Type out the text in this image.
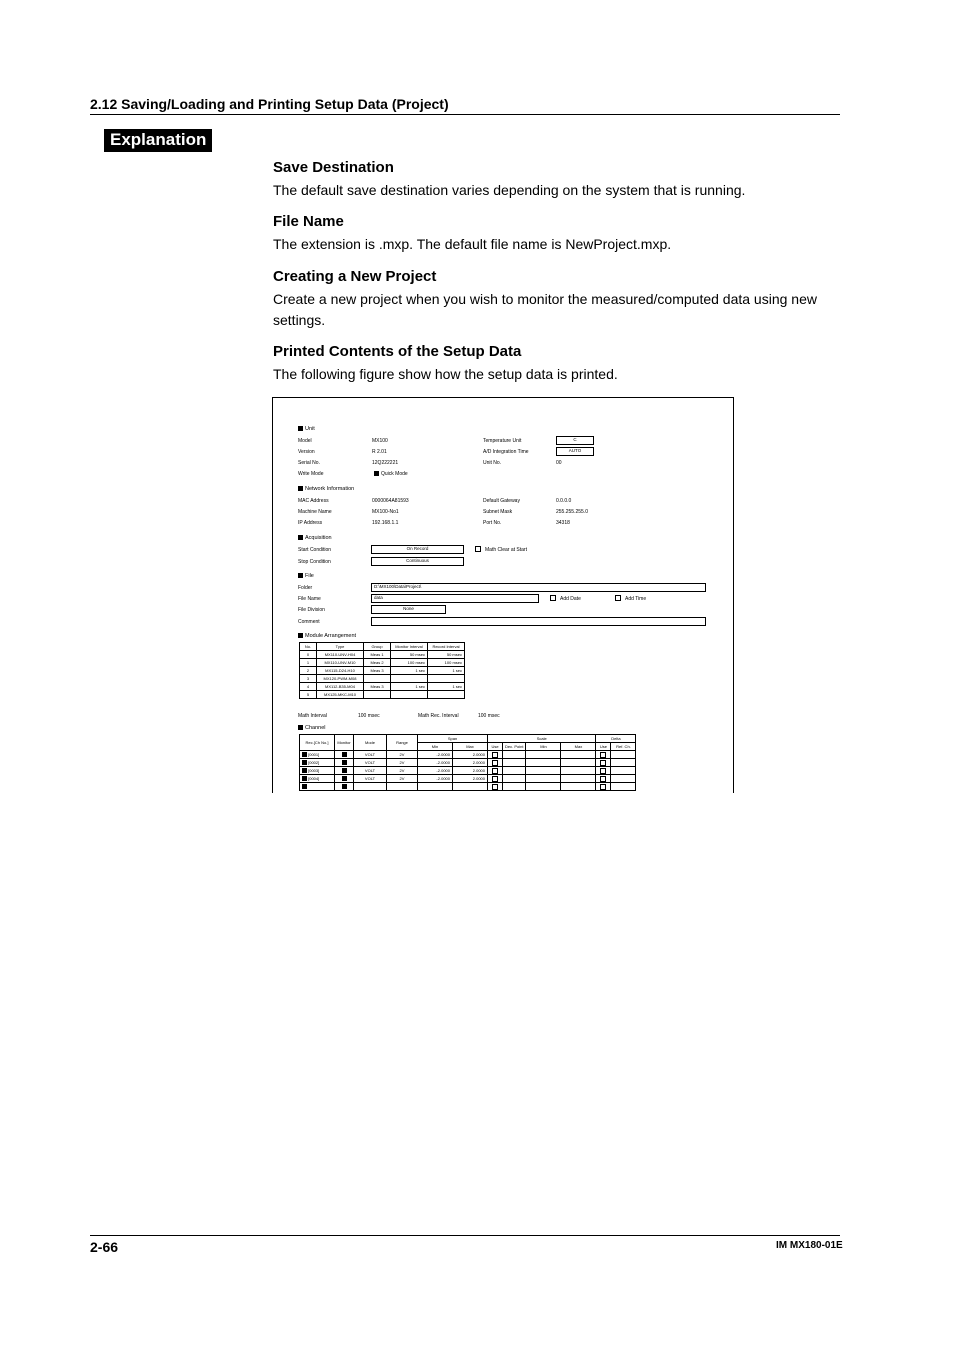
2.12 Saving/Loading and Printing Setup Data (Project)
Explanation
Save Destination
The default save destination varies depending on the system that is running.
File Name
The extension is .mxp. The default file name is NewProject.mxp.
Creating a New Project
Create a new project when you wish to monitor the measured/computed data using new settings.
Printed Contents of the Setup Data
The following figure show how the setup data is printed.
Unit
Model	MX100
Version	R 2.01
Serial No.	12Q222221
Write Mode	Quick Mode
Temperature Unit	C
A/D Integration Time	AUTO
Unit No.	00
Network Information
MAC Address	0000064A81593
Machine Name	MX100-No1
IP Address	192.168.1.1
Default Gateway	0.0.0.0
Subnet Mask	255.255.255.0
Port No.	34318
Acquisition
Start Condition	On Record
Stop Condition	Continuous
Math Clear at Start
File
Folder	D:\MX100\Data\Project\
File Name	data	Add Date	Add Time
File Division	None
Comment
Module Arrangement
No.	Type	Group	Monitor Interval	Record Interval
0	MX110-UNV-H04	Meas 1	50 msec	50 msec
1	MX110-UNV-M10	Meas 2	100 msec	100 msec
2	MX115-D24-H10	Meas 3	1 sec	1 sec
3	MX120-PWM-M08			
4	MX112-B35-M04	Meas 3	1 sec	1 sec
5	MX125-MKC-M10			
Math Interval	100 msec	Math Rec. Interval	100 msec
Channel
Rec.[Ch No.]	Monitor	Mode	Range	Span		Scale				Delta	
				Min	Max	Use	Dec. Point	Min	Max	Use	Ref. Ch.
[0001]		VOLT	2V	-2.0000	2.0000						
[0002]		VOLT	2V	-2.0000	2.0000						
[0003]		VOLT	2V	-2.0000	2.0000						
[0004]		VOLT	2V	-2.0000	2.0000						

2-66	IM MX180-01E
